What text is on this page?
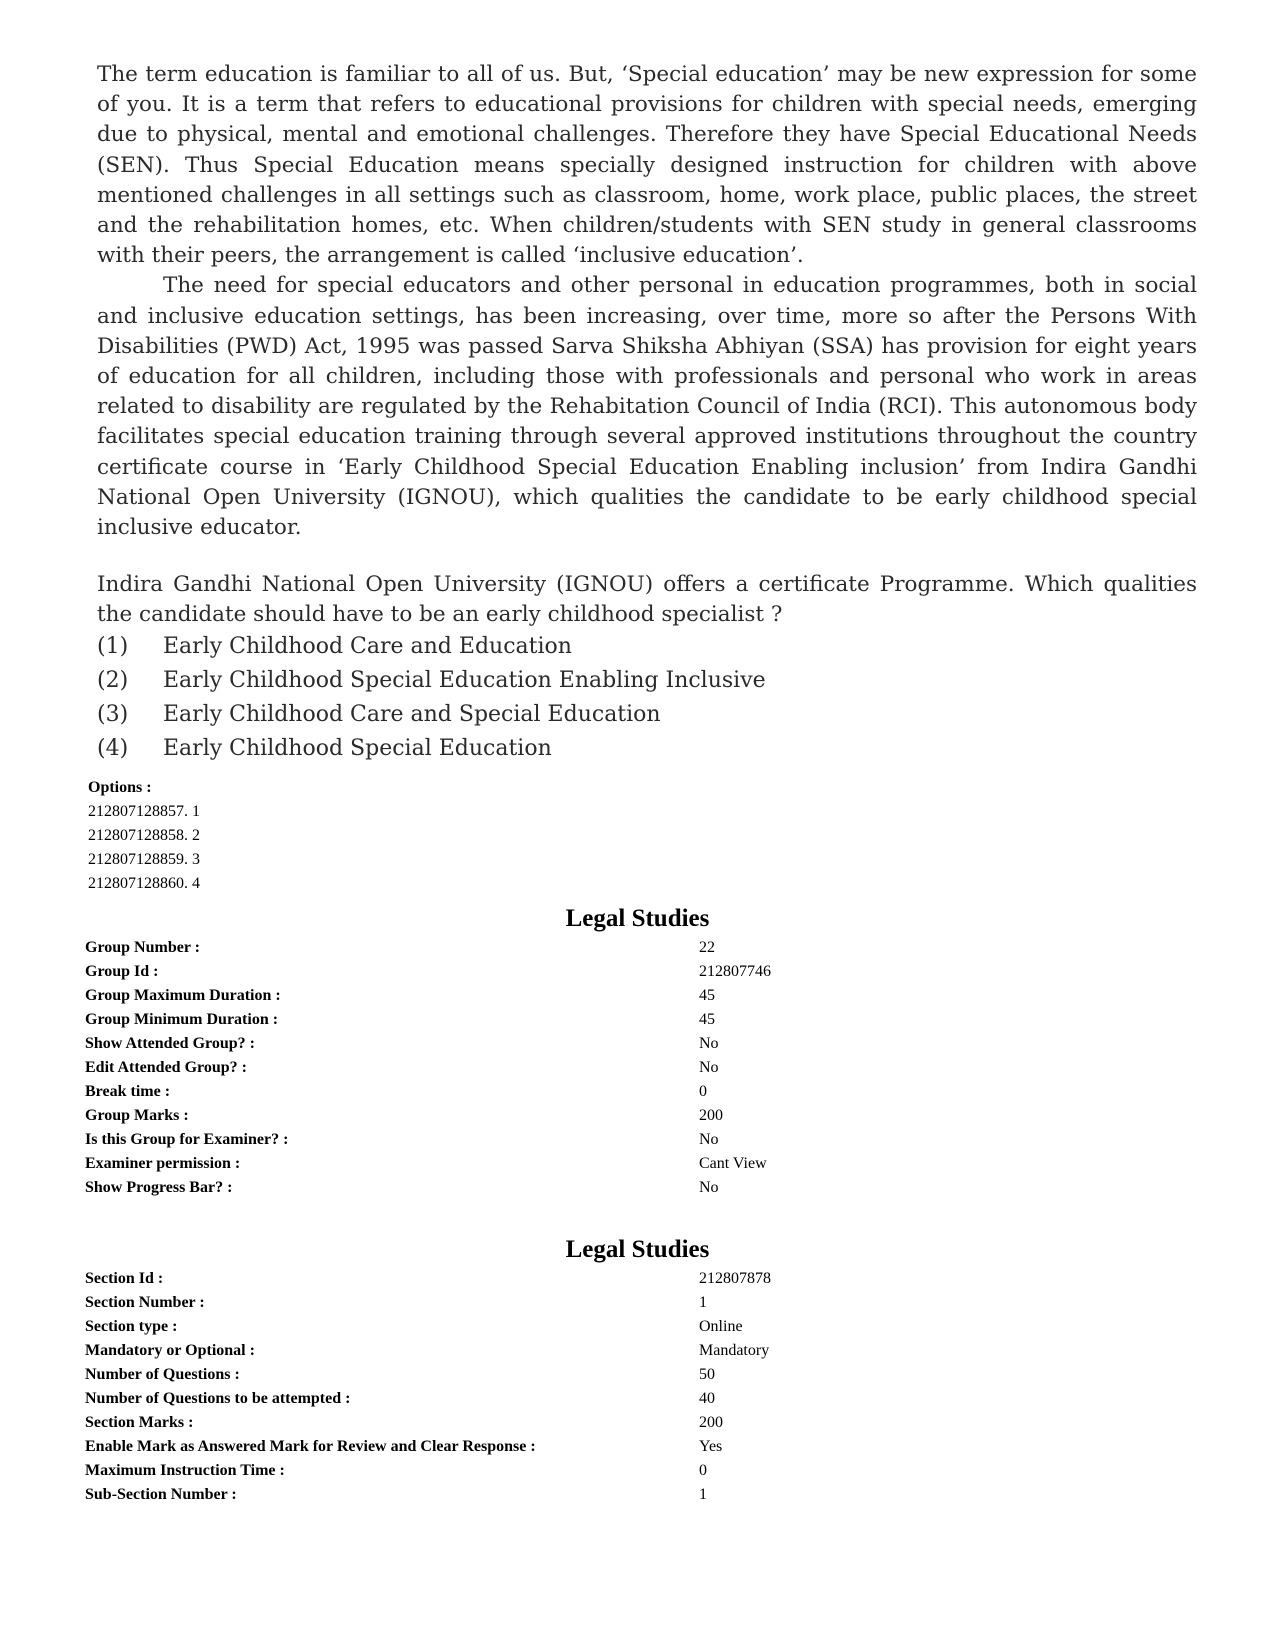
The term education is familiar to all of us. But, ‘Special education’ may be new expression for some of you. It is a term that refers to educational provisions for children with special needs, emerging due to physical, mental and emotional challenges. Therefore they have Special Educational Needs (SEN). Thus Special Education means specially designed instruction for children with above mentioned challenges in all settings such as classroom, home, work place, public places, the street and the rehabilitation homes, etc. When children/students with SEN study in general classrooms with their peers, the arrangement is called ‘inclusive education’.

The need for special educators and other personal in education programmes, both in social and inclusive education settings, has been increasing, over time, more so after the Persons With Disabilities (PWD) Act, 1995 was passed Sarva Shiksha Abhiyan (SSA) has provision for eight years of education for all children, including those with professionals and personal who work in areas related to disability are regulated by the Rehabitation Council of India (RCI). This autonomous body facilitates special education training through several approved institutions throughout the country certificate course in ‘Early Childhood Special Education Enabling inclusion’ from Indira Gandhi National Open University (IGNOU), which qualities the candidate to be early childhood special inclusive educator.

Indira Gandhi National Open University (IGNOU) offers a certificate Programme. Which qualities the candidate should have to be an early childhood specialist ?
(1) Early Childhood Care and Education
(2) Early Childhood Special Education Enabling Inclusive
(3) Early Childhood Care and Special Education
(4) Early Childhood Special Education
Options :
212807128857. 1
212807128858. 2
212807128859. 3
212807128860. 4
Legal Studies
Group Number :	22
Group Id :	212807746
Group Maximum Duration :	45
Group Minimum Duration :	45
Show Attended Group? :	No
Edit Attended Group? :	No
Break time :	0
Group Marks :	200
Is this Group for Examiner? :	No
Examiner permission :	Cant View
Show Progress Bar? :	No
Legal Studies
Section Id :	212807878
Section Number :	1
Section type :	Online
Mandatory or Optional :	Mandatory
Number of Questions :	50
Number of Questions to be attempted :	40
Section Marks :	200
Enable Mark as Answered Mark for Review and Clear Response :	Yes
Maximum Instruction Time :	0
Sub-Section Number :	1
